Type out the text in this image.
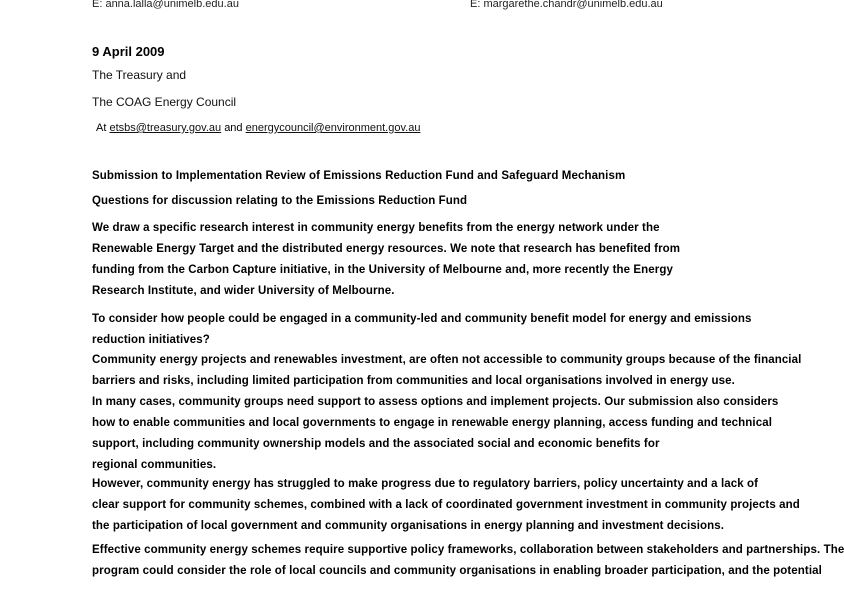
E: anna.lalla@unimelb.edu.au	E: margarethe.chandr@unimelb.edu.au
9 April 2009
The Treasury and
The COAG Energy Council
At etsbs@treasury.gov.au and energycouncil@environment.gov.au
Submission to Implementation Review of Emissions Reduction Fund and Safeguard Mechanism
Questions for discussion relating to the Emissions Reduction Fund
We draw a specific research interest in community energy benefits from the energy network under the
Renewable Energy Target and the distributed energy resources. We note that research has benefited from
funding from the Carbon Capture initiative, in the University of Melbourne and, more recently the Energy
Research Institute, and wider University of Melbourne.
To consider how people could be engaged in a community-led and community benefit model for energy and emissions
reduction initiatives?
Community energy projects and renewables investment, are often not accessible to community groups because of the financial
barriers and risks, including limited participation from communities and local organisations involved in energy use.
In many cases, community groups need support to assess options and implement projects. Our submission also considers
how to enable communities and local governments to engage in renewable energy planning, access funding and technical
support, including community ownership models and the associated social and economic benefits for
regional communities.
However, community energy has struggled to make progress due to regulatory barriers, policy uncertainty and a lack of
clear support for community schemes, combined with a lack of coordinated government investment in community projects and
the participation of local government and community organisations in energy planning and investment decisions.
Effective community energy schemes require supportive policy frameworks, collaboration between stakeholders and partnerships. The
program could consider the role of local councils and community organisations in enabling broader participation, and the potential
